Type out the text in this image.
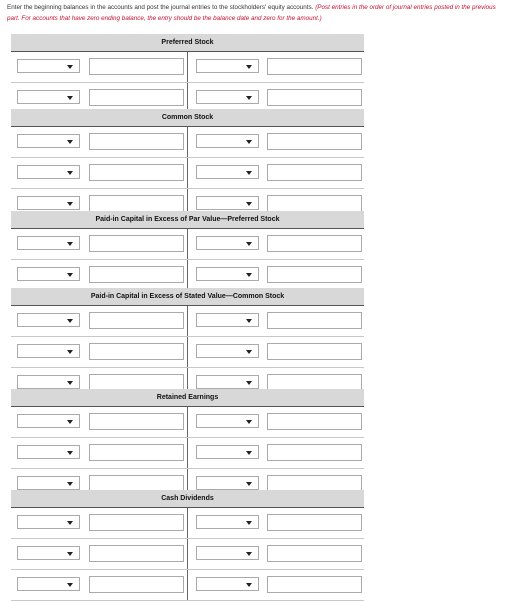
Enter the beginning balances in the accounts and post the journal entries to the stockholders' equity accounts. (Post entries in the order of journal entries posted in the previous part. For accounts that have zero ending balance, the entry should be the balance date and zero for the amount.)
Preferred Stock
Common Stock
Paid-in Capital in Excess of Par Value—Preferred Stock
Paid-in Capital in Excess of Stated Value—Common Stock
Retained Earnings
Cash Dividends
